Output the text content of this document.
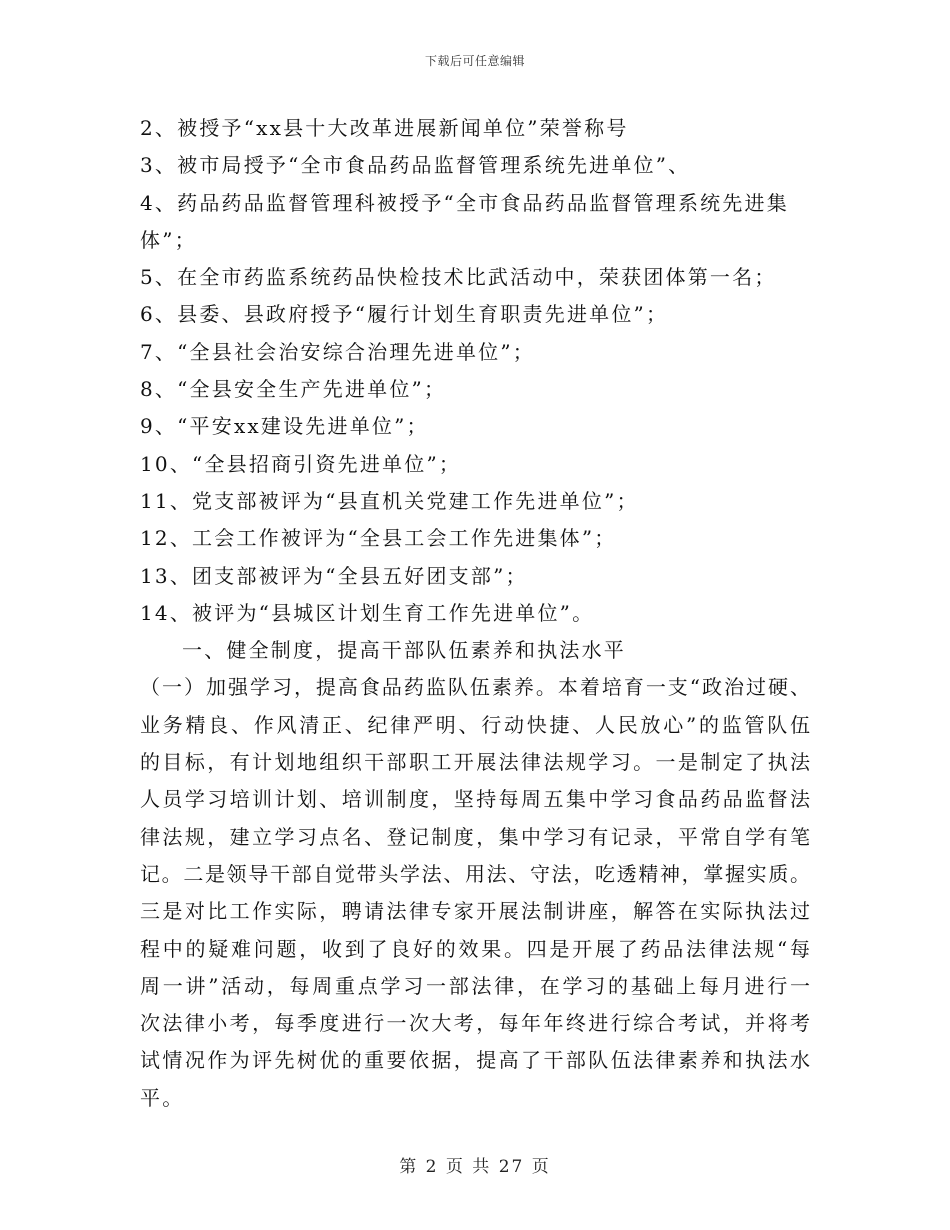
下载后可任意编辑
2、被授予“xx县十大改革进展新闻单位”荣誉称号
3、被市局授予“全市食品药品监督管理系统先进单位”、
4、药品药品监督管理科被授予“全市食品药品监督管理系统先进集
体”；
5、在全市药监系统药品快检技术比武活动中，荣获团体第一名；
6、县委、县政府授予“履行计划生育职责先进单位”；
7、“全县社会治安综合治理先进单位”；
8、“全县安全生产先进单位”；
9、“平安xx建设先进单位”；
10、“全县招商引资先进单位”；
11、党支部被评为“县直机关党建工作先进单位”；
12、工会工作被评为“全县工会工作先进集体”；
13、团支部被评为“全县五好团支部”；
14、被评为“县城区计划生育工作先进单位”。
一、健全制度，提高干部队伍素养和执法水平
（一）加强学习，提高食品药监队伍素养。本着培育一支“政治过硬、
业务精良、作风清正、纪律严明、行动快捷、人民放心”的监管队伍
的目标，有计划地组织干部职工开展法律法规学习。一是制定了执法
人员学习培训计划、培训制度，坚持每周五集中学习食品药品监督法
律法规，建立学习点名、登记制度，集中学习有记录，平常自学有笔
记。二是领导干部自觉带头学法、用法、守法，吃透精神，掌握实质。
三是对比工作实际，聘请法律专家开展法制讲座，解答在实际执法过
程中的疑难问题，收到了良好的效果。四是开展了药品法律法规“每
周一讲”活动，每周重点学习一部法律，在学习的基础上每月进行一
次法律小考，每季度进行一次大考，每年年终进行综合考试，并将考
试情况作为评先树优的重要依据，提高了干部队伍法律素养和执法水
平。
第 2 页 共 27 页
